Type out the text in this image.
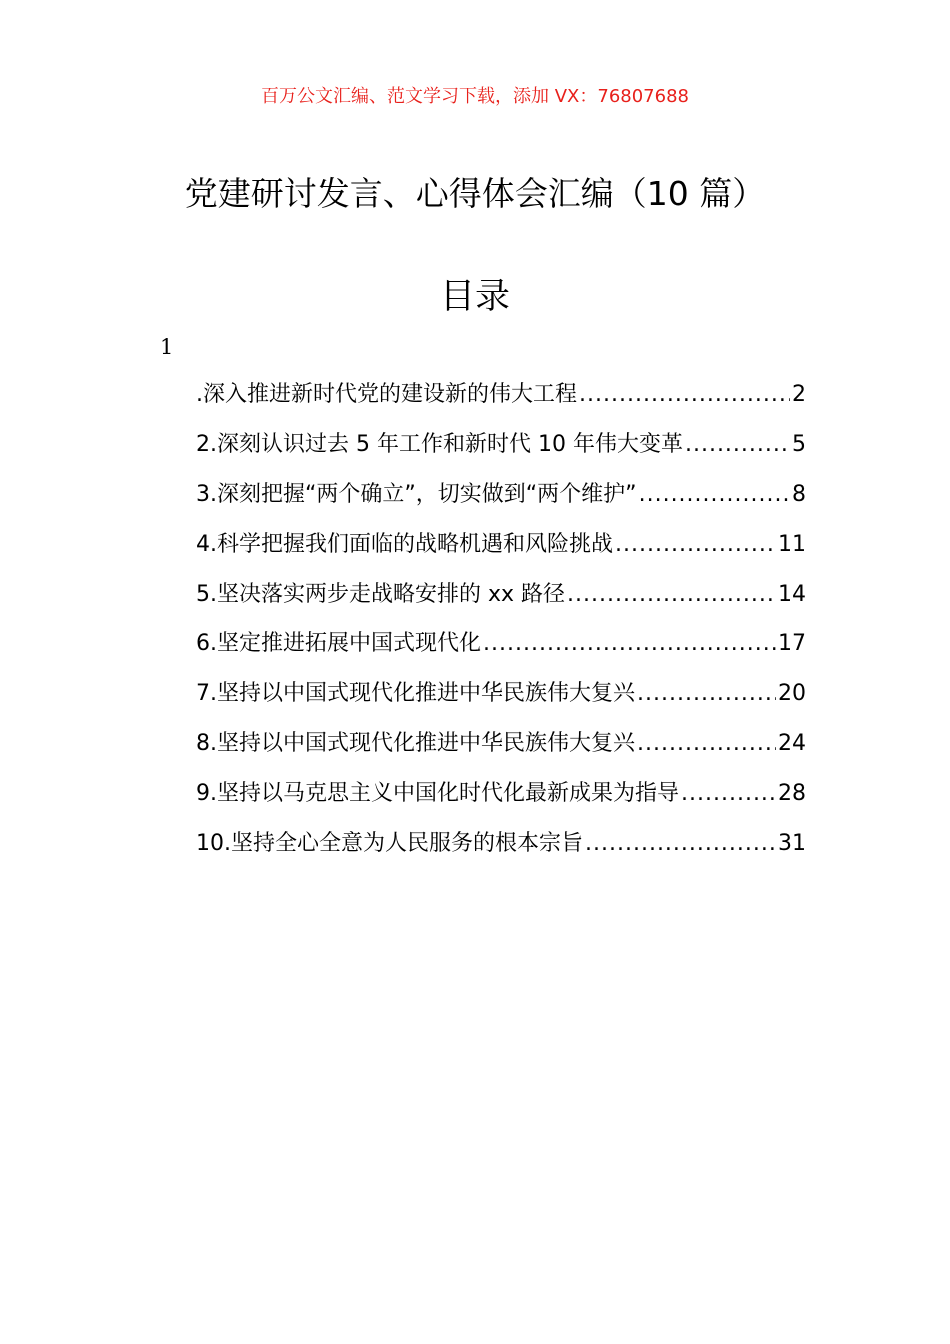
百万公文汇编、范文学习下载，添加 VX：76807688
党建研讨发言、心得体会汇编（10 篇）
目录
1
.深入推进新时代党的建设新的伟大工程 .....	2
2.深刻认识过去 5 年工作和新时代 10 年伟大变革 .....	5
3.深刻把握“两个确立”，切实做到“两个维护” .....	8
4.科学把握我们面临的战略机遇和风险挑战 .....	11
5.坚决落实两步走战略安排的 xx 路径 .....	14
6.坚定推进拓展中国式现代化 .....	17
7.坚持以中国式现代化推进中华民族伟大复兴 .....	20
8.坚持以中国式现代化推进中华民族伟大复兴 .....	24
9.坚持以马克思主义中国化时代化最新成果为指导 .....	28
10.坚持全心全意为人民服务的根本宗旨 .....	31
